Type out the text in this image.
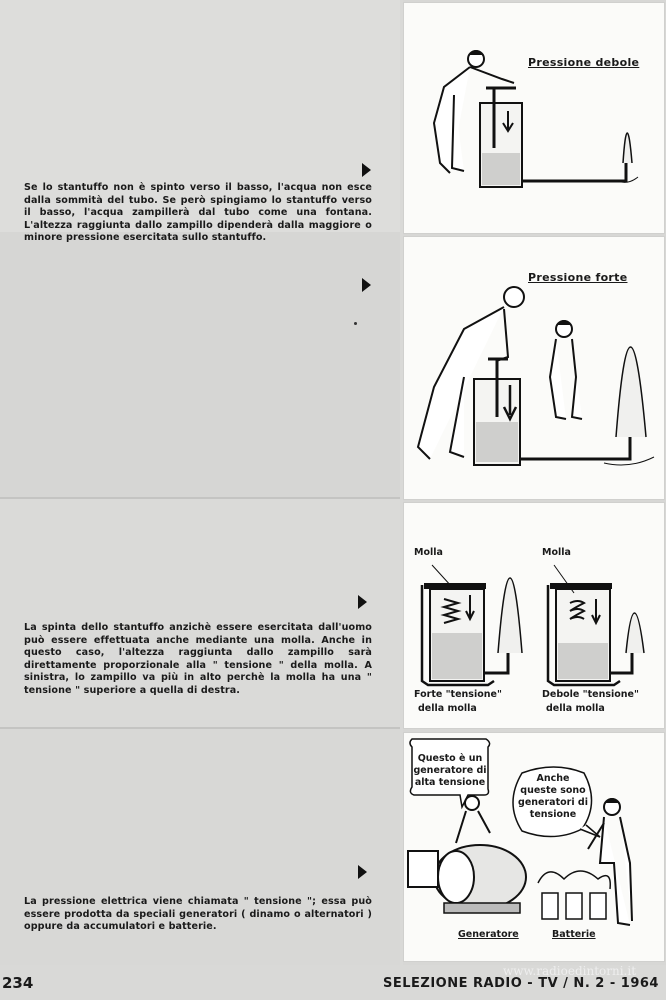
Se lo stantuffo non è spinto verso il basso, l'acqua non esce dalla sommità del tubo. Se però spingiamo lo stantuffo verso il basso, l'acqua zampillerà dal tubo come una fontana. L'altezza raggiunta dallo zampillo dipenderà dalla maggiore o minore pressione esercitata sullo stantuffo.

La spinta dello stantuffo anzichè essere esercitata dall'uomo può essere effettuata anche mediante una molla. Anche in questo caso, l'altezza raggiunta dallo zampillo sarà direttamente proporzionale alla " tensione " della molla. A sinistra, lo zampillo va più in alto perchè la molla ha una " tensione " superiore a quella di destra.

La pressione elettrica viene chiamata " tensione "; essa può essere prodotta da speciali generatori ( dinamo o alternatori ) oppure da accumulatori e batterie.

Pressione debole
Pressione forte
Molla	Molla
Forte "tensione"
della molla
Debole "tensione"
della molla
Questo è un generatore di alta tensione	Anche queste sono generatori di tensione
Generatore	Batterie
234	SELEZIONE RADIO - TV / N. 2 - 1964
www.radioedintorni.it
